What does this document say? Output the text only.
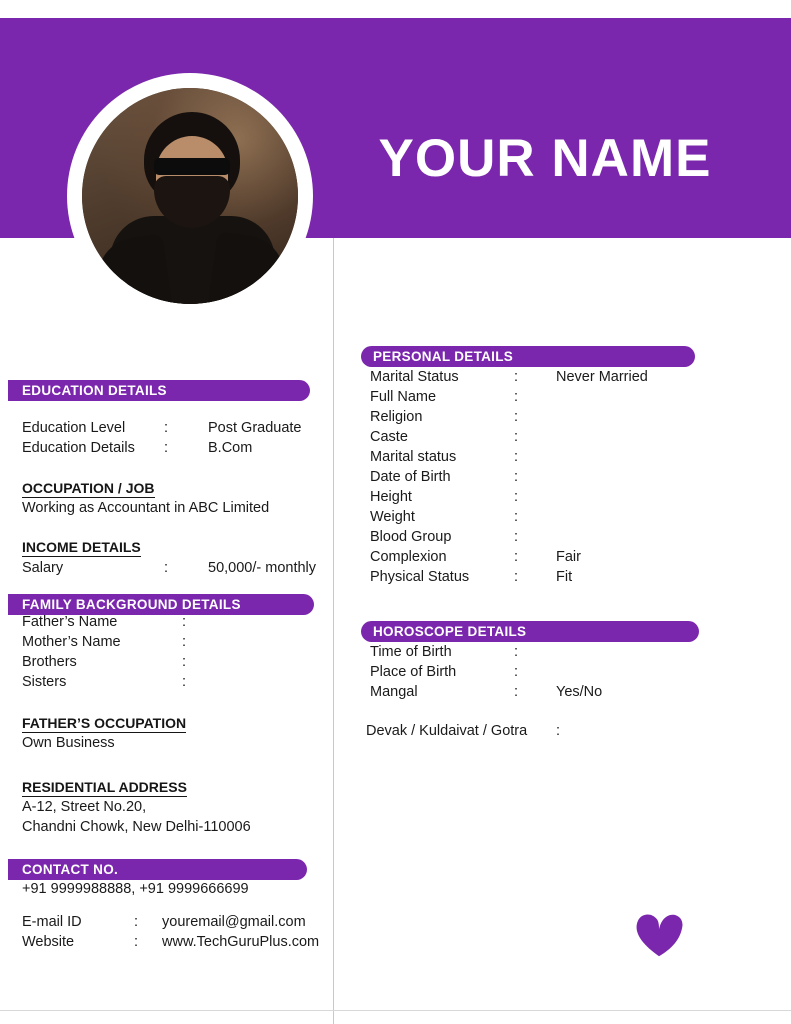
YOUR NAME
EDUCATION DETAILS
Education Level	:	Post Graduate
Education Details :	B.Com
OCCUPATION / JOB
Working as Accountant in ABC Limited
INCOME DETAILS
Salary	:	50,000/- monthly
FAMILY BACKGROUND DETAILS
Father’s Name	:
Mother’s Name	:
Brothers	:
Sisters	:
FATHER’S OCCUPATION
Own Business
RESIDENTIAL ADDRESS
A-12, Street No.20,
Chandni Chowk, New Delhi-110006
CONTACT NO.
+91 9999988888, +91 9999666699
E-mail ID	: youremail@gmail.com
Website	: www.TechGuruPlus.com
PERSONAL DETAILS
Marital Status	:	Never Married
Full Name	:
Religion	:
Caste	:
Marital status	:
Date of Birth	:
Height	:
Weight	:
Blood Group	:
Complexion	:	Fair
Physical Status	:	Fit
HOROSCOPE DETAILS
Time of Birth	:
Place of Birth	:
Mangal	:	Yes/No
Devak / Kuldaivat / Gotra :
